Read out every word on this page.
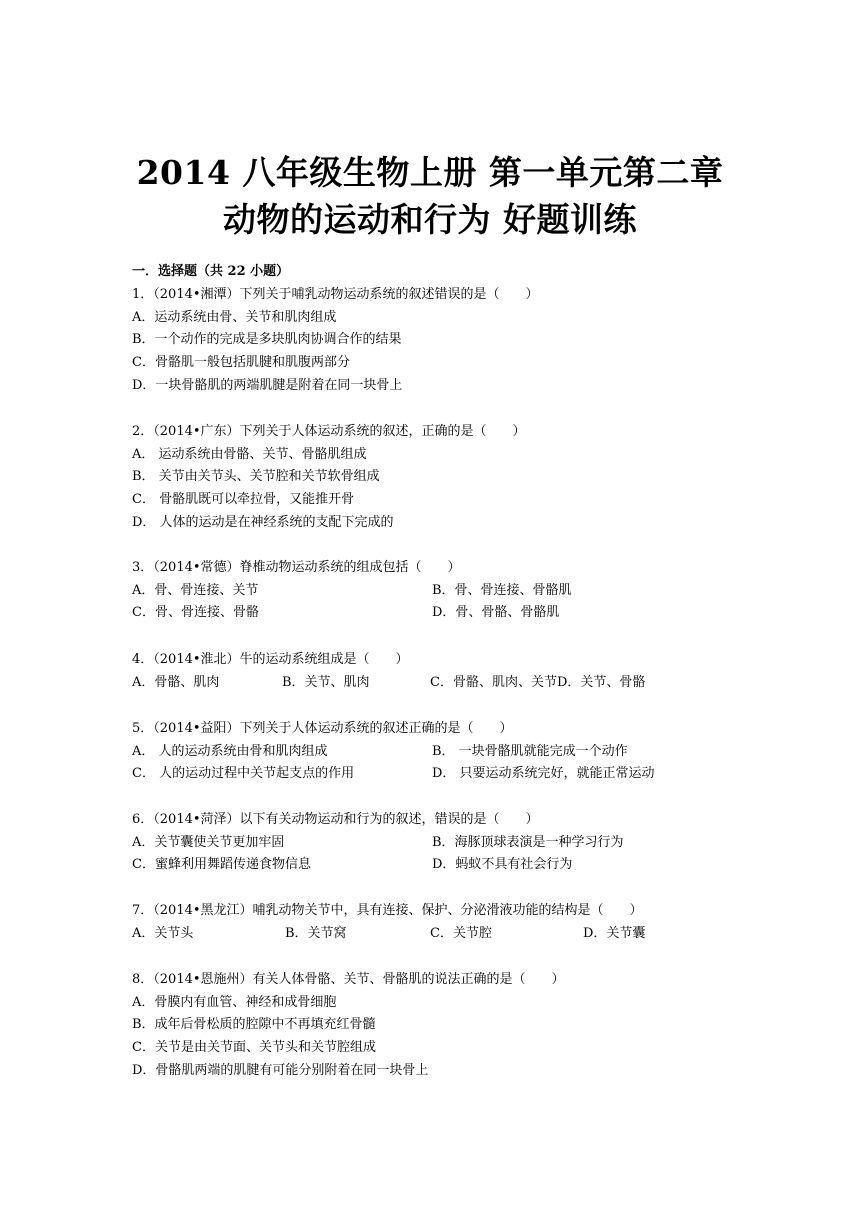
2014 八年级生物上册 第一单元第二章
动物的运动和行为 好题训练
一．选择题（共 22 小题）
1．（2014•湘潭）下列关于哺乳动物运动系统的叙述错误的是（　　）
A．运动系统由骨、关节和肌肉组成
B．一个动作的完成是多块肌肉协调合作的结果
C．骨骼肌一般包括肌腱和肌腹两部分
D．一块骨骼肌的两端肌腱是附着在同一块骨上
2．（2014•广东）下列关于人体运动系统的叙述，正确的是（　　）
A． 运动系统由骨骼、关节、骨骼肌组成
B． 关节由关节头、关节腔和关节软骨组成
C． 骨骼肌既可以牵拉骨，又能推开骨
D． 人体的运动是在神经系统的支配下完成的
3．（2014•常德）脊椎动物运动系统的组成包括（　　）
A．骨、骨连接、关节	B．骨、骨连接、骨骼肌
C．骨、骨连接、骨骼	D．骨、骨骼、骨骼肌
4．（2014•淮北）牛的运动系统组成是（　　）
A．骨骼、肌肉	B．关节、肌肉	C．骨骼、肌肉、关节 D．关节、骨骼
5．（2014•益阳）下列关于人体运动系统的叙述正确的是（　　）
A． 人的运动系统由骨和肌肉组成	B． 一块骨骼肌就能完成一个动作
C． 人的运动过程中关节起支点的作用	D． 只要运动系统完好，就能正常运动
6．（2014•菏泽）以下有关动物运动和行为的叙述，错误的是（　　）
A．关节囊使关节更加牢固	B．海豚顶球表演是一种学习行为
C．蜜蜂利用舞蹈传递食物信息	D．蚂蚁不具有社会行为
7．（2014•黑龙江）哺乳动物关节中，具有连接、保护、分泌滑液功能的结构是（　　）
A．关节头	B．关节窝	C．关节腔	D．关节囊
8．（2014•恩施州）有关人体骨骼、关节、骨骼肌的说法正确的是（　　）
A．骨膜内有血管、神经和成骨细胞
B．成年后骨松质的腔隙中不再填充红骨髓
C．关节是由关节面、关节头和关节腔组成
D．骨骼肌两端的肌腱有可能分别附着在同一块骨上
